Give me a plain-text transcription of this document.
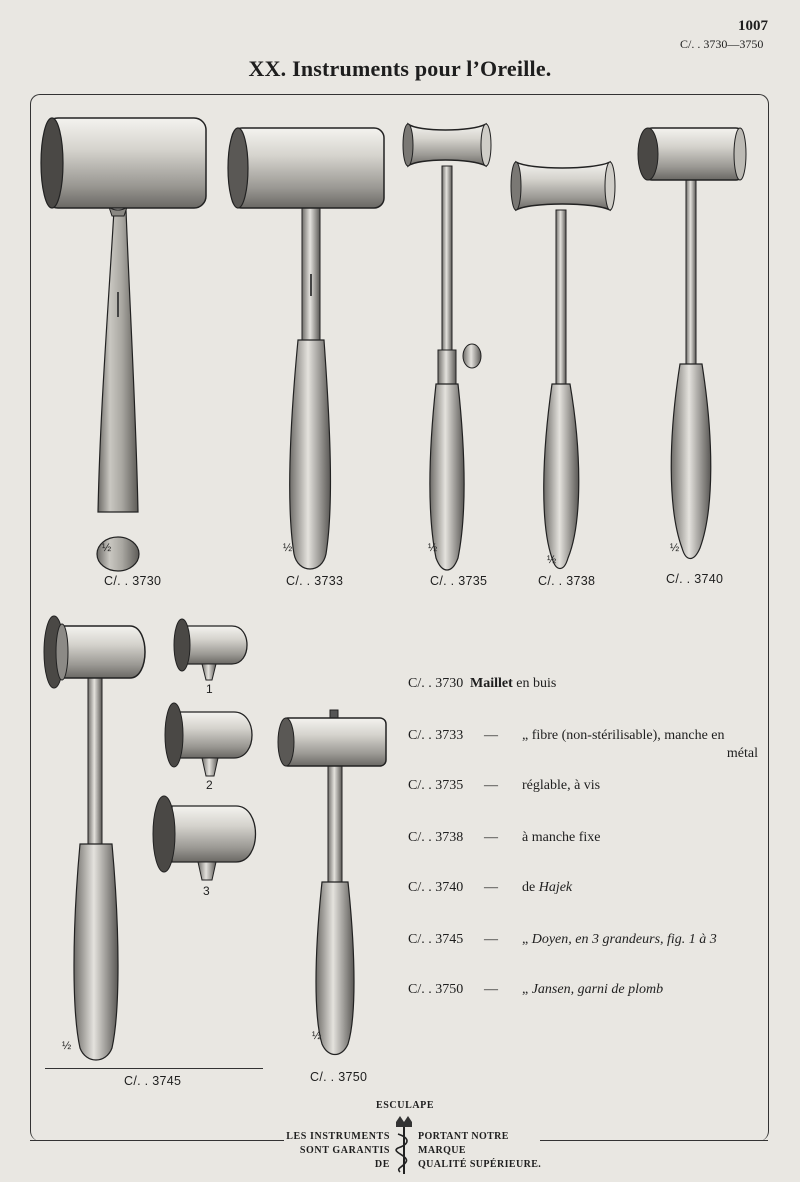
1007
C/. . 3730—3750
XX. Instruments pour l’Oreille.
½
C/. . 3730
½
C/. . 3733
½
C/. . 3735
½
C/. . 3738
½
C/. . 3740
½
1
2
3
C/. . 3745
½
C/. . 3750
C/. . 3730 Maillet en buis
C/. . 3733 — „ fibre (non-stérilisable), manche en
métal
C/. . 3735 — réglable, à vis
C/. . 3738 — à manche fixe
C/. . 3740 — de Hajek
C/. . 3745 — „ Doyen, en 3 grandeurs, fig. 1 à 3
C/. . 3750 — „ Jansen, garni de plomb
ESCULAPE
LES INSTRUMENTS
SONT GARANTIS DE
PORTANT NOTRE MARQUE
QUALITÉ SUPÉRIEURE.
